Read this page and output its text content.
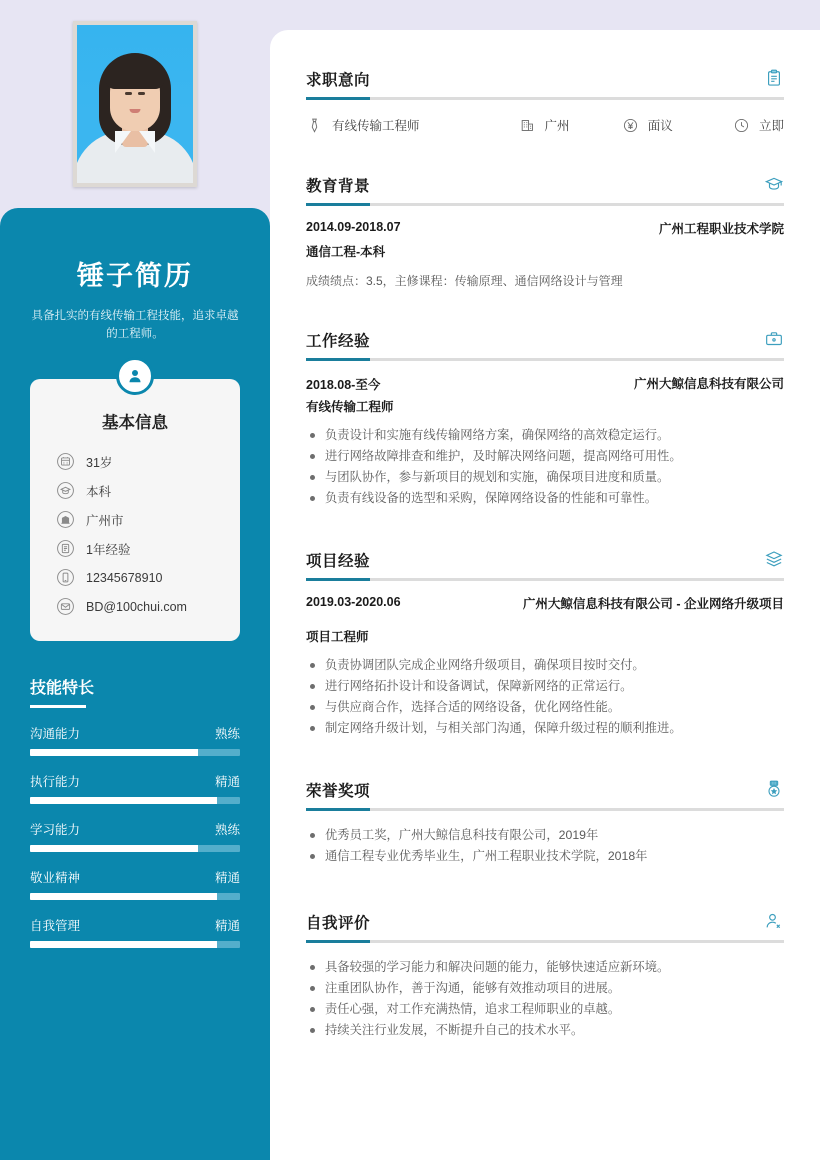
锤子简历
具备扎实的有线传输工程技能，追求卓越的工程师。
基本信息
31岁
本科
广州市
1年经验
12345678910
BD@100chui.com
技能特长
沟通能力	熟练
执行能力	精通
学习能力	熟练
敬业精神	精通
自我管理	精通
求职意向
有线传输工程师	广州	面议	立即
教育背景
2014.09-2018.07	广州工程职业技术学院
通信工程-本科
成绩绩点：3.5，主修课程：传输原理、通信网络设计与管理
工作经验
2018.08-至今	广州大鲸信息科技有限公司
有线传输工程师
负责设计和实施有线传输网络方案，确保网络的高效稳定运行。
进行网络故障排查和维护，及时解决网络问题，提高网络可用性。
与团队协作，参与新项目的规划和实施，确保项目进度和质量。
负责有线设备的选型和采购，保障网络设备的性能和可靠性。
项目经验
2019.03-2020.06	广州大鲸信息科技有限公司 - 企业网络升级项目
项目工程师
负责协调团队完成企业网络升级项目，确保项目按时交付。
进行网络拓扑设计和设备调试，保障新网络的正常运行。
与供应商合作，选择合适的网络设备，优化网络性能。
制定网络升级计划，与相关部门沟通，保障升级过程的顺利推进。
荣誉奖项
优秀员工奖，广州大鲸信息科技有限公司，2019年
通信工程专业优秀毕业生，广州工程职业技术学院，2018年
自我评价
具备较强的学习能力和解决问题的能力，能够快速适应新环境。
注重团队协作，善于沟通，能够有效推动项目的进展。
责任心强，对工作充满热情，追求工程师职业的卓越。
持续关注行业发展，不断提升自己的技术水平。
